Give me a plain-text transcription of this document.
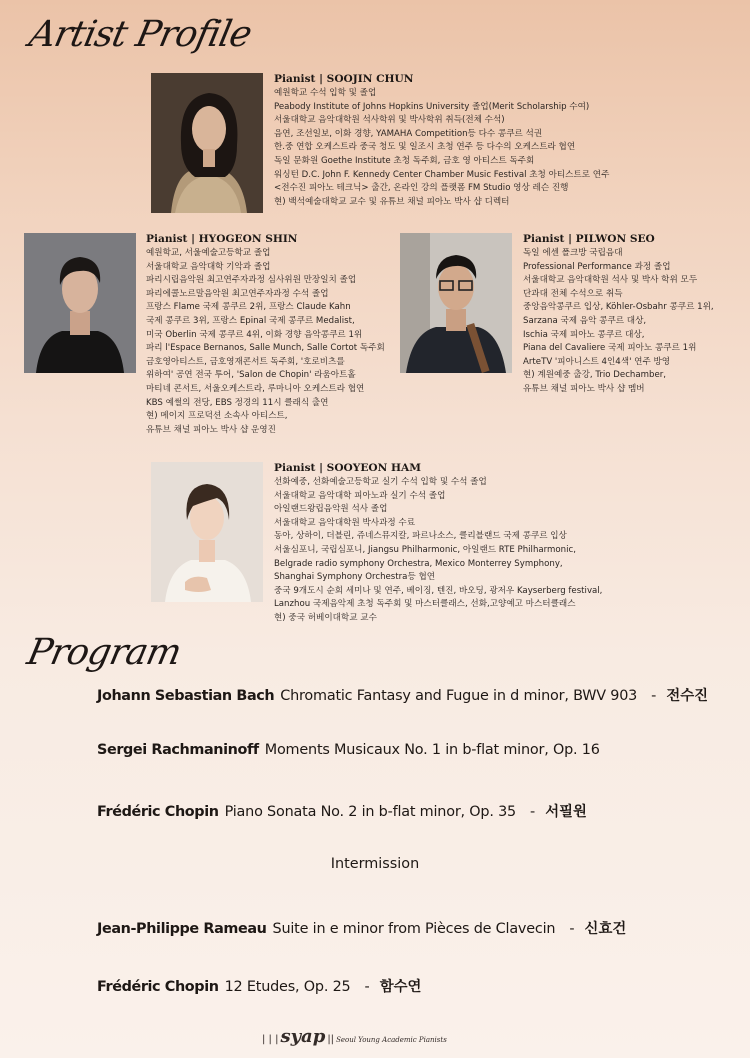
Artist Profile
Pianist | SOOJIN CHUN
예원학교 수석 입학 및 졸업
Peabody Institute of Johns Hopkins University 졸업(Merit Scholarship 수여)
서울대학교 음악대학원 석사학위 및 박사학위 취득(전체 수석)
음연, 조선일보, 이화 경향, YAMAHA Competition등 다수 콩쿠르 석권
한.중 연합 오케스트라 중국 청도 및 일조시 초청 연주 등 다수의 오케스트라 협연
독일 문화원 Goethe Institute 초청 독주회, 금호 영 아티스트 독주회
워싱턴 D.C. John F. Kennedy Center Chamber Music Festival 초청 아티스트로 연주
<전수진 피아노 테크닉> 출간, 온라인 강의 플랫폼 FM Studio 영상 레슨 진행
현) 백석예술대학교 교수 및 유튜브 채널 피아노 박사 샵 디렉터
Pianist | HYOGEON SHIN
예원학교, 서울예술고등학교 졸업
서울대학교 음악대학 기악과 졸업
파리시립음악원 최고연주자과정 심사위원 만장일치 졸업
파리에콜노르말음악원 최고연주자과정 수석 졸업
프랑스 Flame 국제 콩쿠르 2위, 프랑스 Claude Kahn
국제 콩쿠르 3위, 프랑스 Epinal 국제 콩쿠르 Medalist,
미국 Oberlin 국제 콩쿠르 4위, 이화 경향 음악콩쿠르 1위
파리 l'Espace Bernanos, Salle Munch, Salle Cortot 독주회
금호영아티스트, 금호영재콘서트 독주회, '호로비츠를
위하여' 공연 전국 투어, 'Salon de Chopin' 라움아트홀
마티네 콘서트, 서울오케스트라, 루마니아 오케스트라 협연
KBS 예썰의 전당, EBS 정경의 11시 클래식 출연
현) 메이지 프로덕션 소속사 아티스트,
유튜브 채널 피아노 박사 샵 운영진
Pianist | PILWON SEO
독일 에센 폴크방 국립음대
Professional Performance 과정 졸업
서울대학교 음악대학원 석사 및 박사 학위 모두
단과대 전체 수석으로 취득
중앙음악콩쿠르 입상, Köhler-Osbahr 콩쿠르 1위,
Sarzana 국제 음악 콩쿠르 대상,
Ischia 국제 피아노 콩쿠르 대상,
Piana del Cavaliere 국제 피아노 콩쿠르 1위
ArteTV '피아니스트 4인4색' 연주 방영
현) 계원예중 출강, Trio Dechamber,
유튜브 채널 피아노 박사 샵 멤버
Pianist | SOOYEON HAM
선화예중, 선화예술고등학교 실기 수석 입학 및 수석 졸업
서울대학교 음악대학 피아노과 실기 수석 졸업
아일랜드왕립음악원 석사 졸업
서울대학교 음악대학원 박사과정 수료
동아, 상하이, 더블린, 쥬네스뮤지칼, 파르나소스, 클리블랜드 국제 콩쿠르 입상
서울심포니, 국립심포니, Jiangsu Philharmonic, 아일랜드 RTE Philharmonic,
Belgrade radio symphony Orchestra, Mexico Monterrey Symphony,
Shanghai Symphony Orchestra등 협연
중국 9개도시 순회 세미나 및 연주, 베이징, 텐진, 바오딩, 광저우 Kayserberg festival,
Lanzhou 국제음악제 초청 독주회 및 마스터클래스, 선화,고양예고 마스터클래스
현) 중국 허베이대학교 교수
Program
Johann Sebastian Bach Chromatic Fantasy and Fugue in d minor, BWV 903 - 전수진
Sergei Rachmaninoff Moments Musicaux No. 1 in b-flat minor, Op. 16
Frédéric Chopin Piano Sonata No. 2 in b-flat minor, Op. 35 - 서필원
Intermission
Jean-Philippe Rameau Suite in e minor from Pièces de Clavecin - 신효건
Frédéric Chopin 12 Etudes, Op. 25 - 함수연
| | | syap || Seoul Young Academic Pianists
